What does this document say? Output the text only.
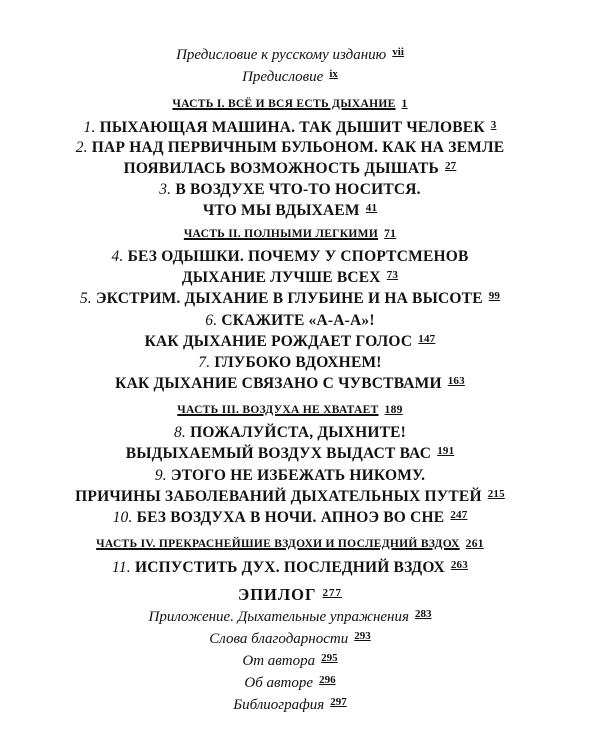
Предисловие к русскому изданию $^{vii}$
Предисловие $^{ix}$
ЧАСТЬ I. ВСЁ И ВСЯ ЕСТЬ ДЫХАНИЕ 1
1. ПЫХАЮЩАЯ МАШИНА. ТАК ДЫШИТ ЧЕЛОВЕК $^3$
2. ПАР НАД ПЕРВИЧНЫМ БУЛЬОНОМ. КАК НА ЗЕМЛЕ
ПОЯВИЛАСЬ ВОЗМОЖНОСТЬ ДЫШАТЬ $^{27}$
3. В ВОЗДУХЕ ЧТО-ТО НОСИТСЯ.
ЧТО МЫ ВДЫХАЕМ $^{41}$
ЧАСТЬ II. ПОЛНЫМИ ЛЕГКИМИ 71
4. БЕЗ ОДЫШКИ. ПОЧЕМУ У СПОРТСМЕНОВ
ДЫХАНИЕ ЛУЧШЕ ВСЕХ $^{73}$
5. ЭКСТРИМ. ДЫХАНИЕ В ГЛУБИНЕ И НА ВЫСОТЕ $^{99}$
6. СКАЖИТЕ «А-А-А»!
КАК ДЫХАНИЕ РОЖДАЕТ ГОЛОС $^{147}$
7. ГЛУБОКО ВДОХНЕМ!
КАК ДЫХАНИЕ СВЯЗАНО С ЧУВСТВАМИ $^{163}$
ЧАСТЬ III. ВОЗДУХА НЕ ХВАТАЕТ 189
8. ПОЖАЛУЙСТА, ДЫХНИТЕ!
ВЫДЫХАЕМЫЙ ВОЗДУХ ВЫДАСТ ВАС $^{191}$
9. ЭТОГО НЕ ИЗБЕЖАТЬ НИКОМУ.
ПРИЧИНЫ ЗАБОЛЕВАНИЙ ДЫХАТЕЛЬНЫХ ПУТЕЙ $^{215}$
10. БЕЗ ВОЗДУХА В НОЧИ. АПНОЭ ВО СНЕ $^{247}$
ЧАСТЬ IV. ПРЕКРАСНЕЙШИЕ ВЗДОХИ И ПОСЛЕДНИЙ ВЗДОХ 261
11. ИСПУСТИТЬ ДУХ. ПОСЛЕДНИЙ ВЗДОХ $^{263}$
ЭПИЛОГ $^{277}$
Приложение. Дыхательные упражнения $^{283}$
Слова благодарности $^{293}$
От автора $^{295}$
Об авторе $^{296}$
Библиография $^{297}$
